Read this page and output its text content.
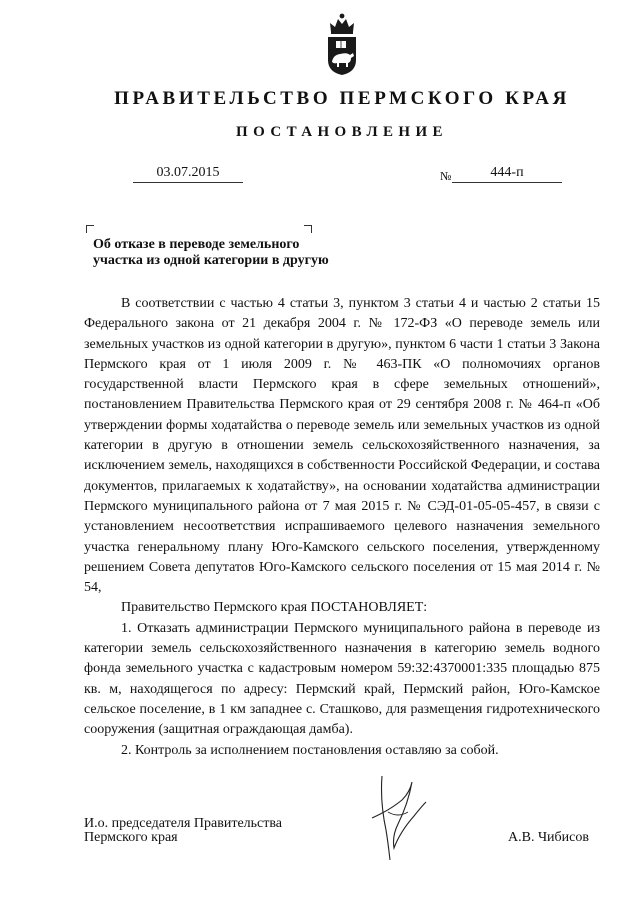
ПРАВИТЕЛЬСТВО ПЕРМСКОГО КРАЯ
ПОСТАНОВЛЕНИЕ
03.07.2015	№	444-п
Об отказе в переводе земельного
участка из одной категории в другую

В соответствии с частью 4 статьи 3, пунктом 3 статьи 4 и частью 2 статьи 15 Федерального закона от 21 декабря 2004 г. № 172-ФЗ «О переводе земель или земельных участков из одной категории в другую», пунктом 6 части 1 статьи 3 Закона Пермского края от 1 июля 2009 г. № 463-ПК «О полномочиях органов государственной власти Пермского края в сфере земельных отношений», постановлением Правительства Пермского края от 29 сентября 2008 г. № 464-п «Об утверждении формы ходатайства о переводе земель или земельных участков из одной категории в другую в отношении земель сельскохозяйственного назначения, за исключением земель, находящихся в собственности Российской Федерации, и состава документов, прилагаемых к ходатайству», на основании ходатайства администрации Пермского муниципального района от 7 мая 2015 г. № СЭД-01-05-05-457, в связи с установлением несоответствия испрашиваемого целевого назначения земельного участка генеральному плану Юго-Камского сельского поселения, утвержденному решением Совета депутатов Юго-Камского сельского поселения от 15 мая 2014 г. № 54,

Правительство Пермского края ПОСТАНОВЛЯЕТ:

1. Отказать администрации Пермского муниципального района в переводе из категории земель сельскохозяйственного назначения в категорию земель водного фонда земельного участка с кадастровым номером 59:32:4370001:335 площадью 875 кв. м, находящегося по адресу: Пермский край, Пермский район, Юго-Камское сельское поселение, в 1 км западнее с. Сташково, для размещения гидротехнического сооружения (защитная ограждающая дамба).

2. Контроль за исполнением постановления оставляю за собой.

И.о. председателя Правительства
Пермского края	А.В. Чибисов
